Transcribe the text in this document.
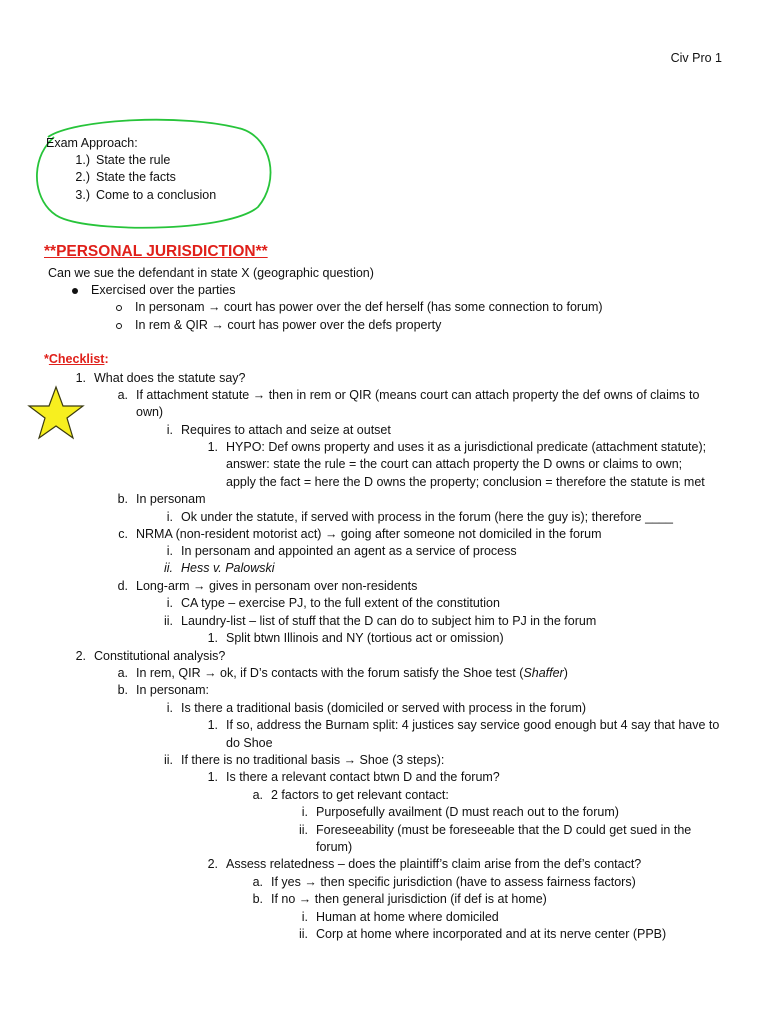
Civ Pro 1
Exam Approach:
1.) State the rule
2.) State the facts
3.) Come to a conclusion
**PERSONAL JURISDICTION**
Can we sue the defendant in state X (geographic question)
Exercised over the parties
In personam → court has power over the def herself (has some connection to forum)
In rem & QIR → court has power over the defs property
*Checklist:
1. What does the statute say?
a. If attachment statute → then in rem or QIR (means court can attach property the def owns of claims to
own)
i. Requires to attach and seize at outset
1. HYPO: Def owns property and uses it as a jurisdictional predicate (attachment statute);
answer: state the rule = the court can attach property the D owns or claims to own;
apply the fact = here the D owns the property; conclusion = therefore the statute is met
b. In personam
i. Ok under the statute, if served with process in the forum (here the guy is); therefore ____
c. NRMA (non-resident motorist act) → going after someone not domiciled in the forum
i. In personam and appointed an agent as a service of process
ii. Hess v. Palowski
d. Long-arm → gives in personam over non-residents
i. CA type – exercise PJ, to the full extent of the constitution
ii. Laundry-list – list of stuff that the D can do to subject him to PJ in the forum
1. Split btwn Illinois and NY (tortious act or omission)
2. Constitutional analysis?
a. In rem, QIR → ok, if D’s contacts with the forum satisfy the Shoe test (Shaffer)
b. In personam:
i. Is there a traditional basis (domiciled or served with process in the forum)
1. If so, address the Burnam split: 4 justices say service good enough but 4 say that have to
do Shoe
ii. If there is no traditional basis → Shoe (3 steps):
1. Is there a relevant contact btwn D and the forum?
a. 2 factors to get relevant contact:
i. Purposefully availment (D must reach out to the forum)
ii. Foreseeability (must be foreseeable that the D could get sued in the
forum)
2. Assess relatedness – does the plaintiff’s claim arise from the def’s contact?
a. If yes → then specific jurisdiction (have to assess fairness factors)
b. If no → then general jurisdiction (if def is at home)
i. Human at home where domiciled
ii. Corp at home where incorporated and at its nerve center (PPB)
